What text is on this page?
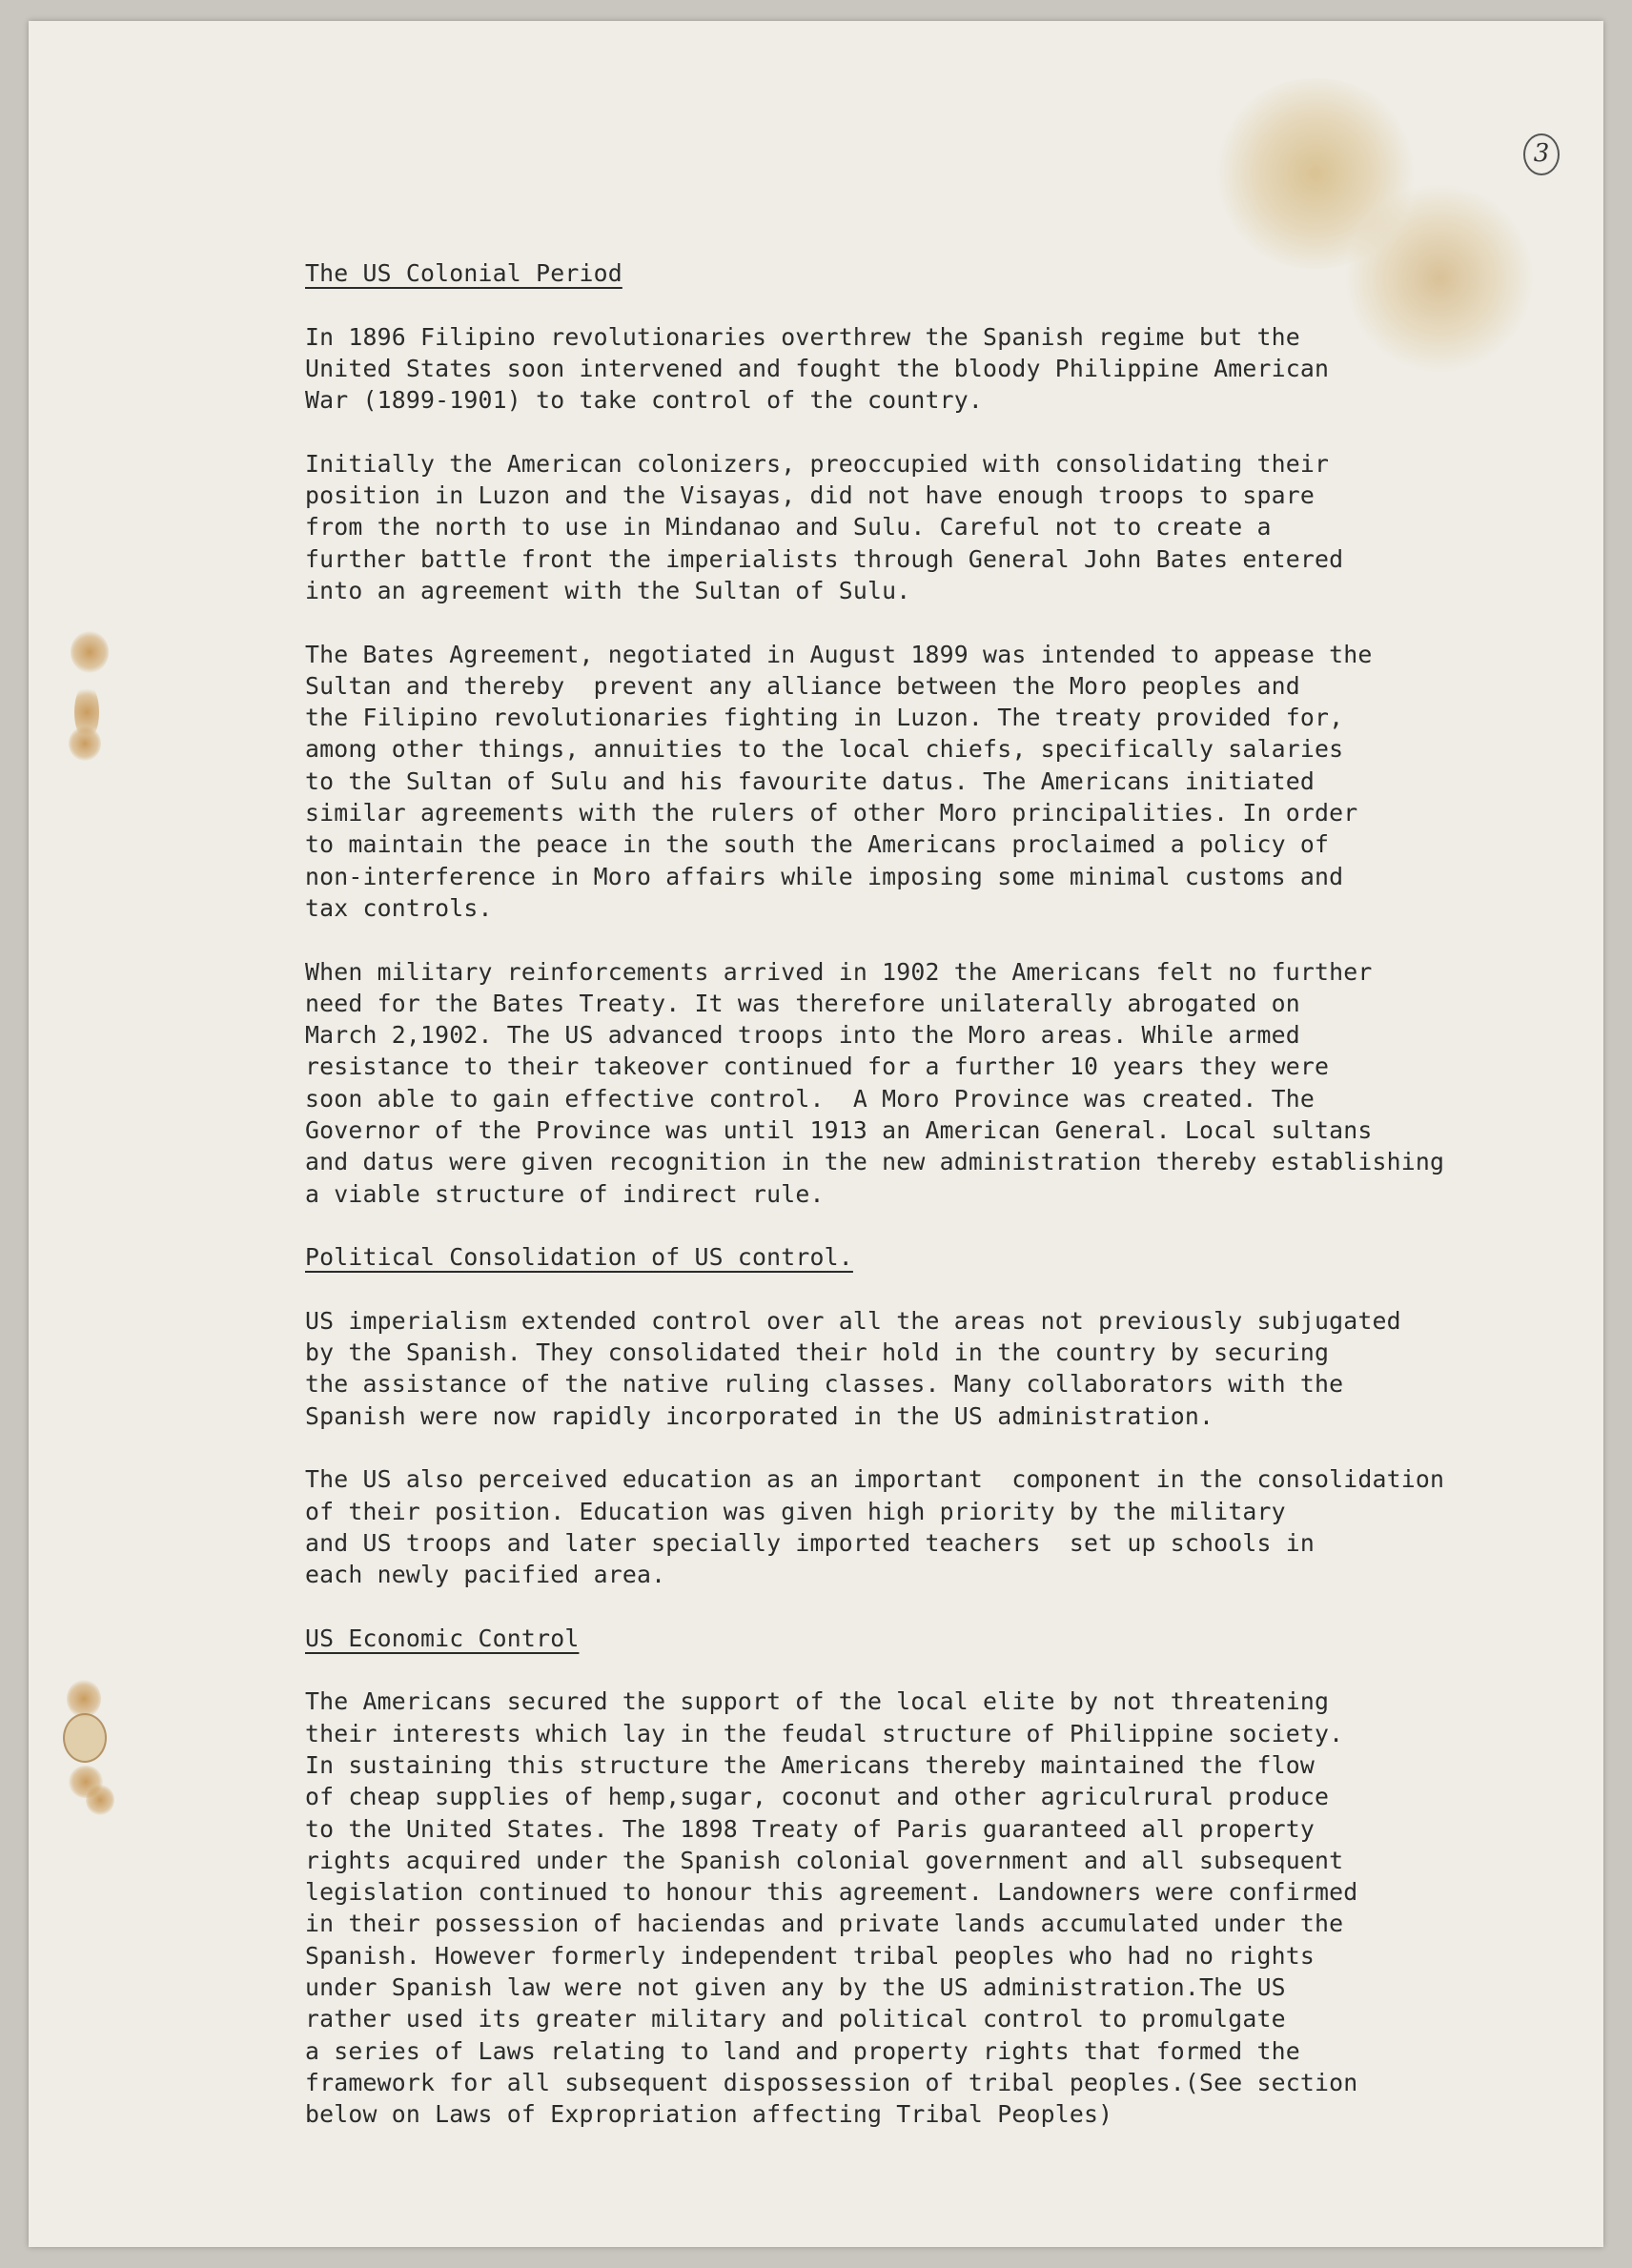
3
The US Colonial Period
In 1896 Filipino revolutionaries overthrew the Spanish regime but the
United States soon intervened and fought the bloody Philippine American
War (1899-1901) to take control of the country.
Initially the American colonizers, preoccupied with consolidating their
position in Luzon and the Visayas, did not have enough troops to spare
from the north to use in Mindanao and Sulu. Careful not to create a
further battle front the imperialists through General John Bates entered
into an agreement with the Sultan of Sulu.
The Bates Agreement, negotiated in August 1899 was intended to appease the
Sultan and thereby  prevent any alliance between the Moro peoples and
the Filipino revolutionaries fighting in Luzon. The treaty provided for,
among other things, annuities to the local chiefs, specifically salaries
to the Sultan of Sulu and his favourite datus. The Americans initiated
similar agreements with the rulers of other Moro principalities. In order
to maintain the peace in the south the Americans proclaimed a policy of
non-interference in Moro affairs while imposing some minimal customs and
tax controls.
When military reinforcements arrived in 1902 the Americans felt no further
need for the Bates Treaty. It was therefore unilaterally abrogated on
March 2,1902. The US advanced troops into the Moro areas. While armed
resistance to their takeover continued for a further 10 years they were
soon able to gain effective control.  A Moro Province was created. The
Governor of the Province was until 1913 an American General. Local sultans
and datus were given recognition in the new administration thereby establishing
a viable structure of indirect rule.
Political Consolidation of US control.
US imperialism extended control over all the areas not previously subjugated
by the Spanish. They consolidated their hold in the country by securing
the assistance of the native ruling classes. Many collaborators with the
Spanish were now rapidly incorporated in the US administration.
The US also perceived education as an important  component in the consolidation
of their position. Education was given high priority by the military
and US troops and later specially imported teachers  set up schools in
each newly pacified area.
US Economic Control
The Americans secured the support of the local elite by not threatening
their interests which lay in the feudal structure of Philippine society.
In sustaining this structure the Americans thereby maintained the flow
of cheap supplies of hemp,sugar, coconut and other agriculrural produce
to the United States. The 1898 Treaty of Paris guaranteed all property
rights acquired under the Spanish colonial government and all subsequent
legislation continued to honour this agreement. Landowners were confirmed
in their possession of haciendas and private lands accumulated under the
Spanish. However formerly independent tribal peoples who had no rights
under Spanish law were not given any by the US administration.The US
rather used its greater military and political control to promulgate
a series of Laws relating to land and property rights that formed the
framework for all subsequent dispossession of tribal peoples.(See section
below on Laws of Expropriation affecting Tribal Peoples)
